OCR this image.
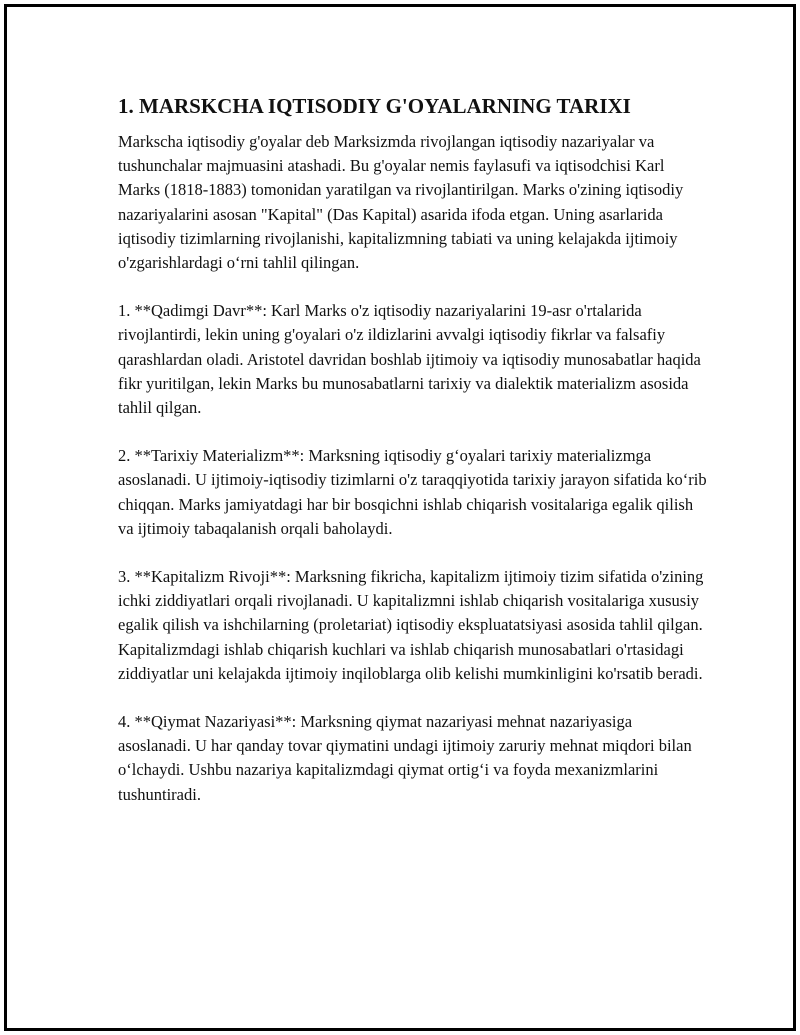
1. MARSKCHA IQTISODIY G'OYALARNING TARIXI

Markscha iqtisodiy g'oyalar deb Marksizmda rivojlangan iqtisodiy nazariyalar va tushunchalar majmuasini atashadi. Bu g'oyalar nemis faylasufi va iqtisodchisi Karl Marks (1818-1883) tomonidan yaratilgan va rivojlantirilgan. Marks o'zining iqtisodiy nazariyalarini asosan "Kapital" (Das Kapital) asarida ifoda etgan. Uning asarlarida iqtisodiy tizimlarning rivojlanishi, kapitalizmning tabiati va uning kelajakda ijtimoiy o'zgarishlardagi o‘rni tahlil qilingan.

1. **Qadimgi Davr**: Karl Marks o'z iqtisodiy nazariyalarini 19-asr o'rtalarida rivojlantirdi, lekin uning g'oyalari o'z ildizlarini avvalgi iqtisodiy fikrlar va falsafiy qarashlardan oladi. Aristotel davridan boshlab ijtimoiy va iqtisodiy munosabatlar haqida fikr yuritilgan, lekin Marks bu munosabatlarni tarixiy va dialektik materializm asosida tahlil qilgan.

2. **Tarixiy Materializm**: Marksning iqtisodiy g‘oyalari tarixiy materializmga asoslanadi. U ijtimoiy-iqtisodiy tizimlarni o'z taraqqiyotida tarixiy jarayon sifatida ko‘rib chiqqan. Marks jamiyatdagi har bir bosqichni ishlab chiqarish vositalariga egalik qilish va ijtimoiy tabaqalanish orqali baholaydi.

3. **Kapitalizm Rivoji**: Marksning fikricha, kapitalizm ijtimoiy tizim sifatida o'zining ichki ziddiyatlari orqali rivojlanadi. U kapitalizmni ishlab chiqarish vositalariga xususiy egalik qilish va ishchilarning (proletariat) iqtisodiy ekspluatatsiyasi asosida tahlil qilgan. Kapitalizmdagi ishlab chiqarish kuchlari va ishlab chiqarish munosabatlari o'rtasidagi ziddiyatlar uni kelajakda ijtimoiy inqiloblarga olib kelishi mumkinligini ko'rsatib beradi.

4. **Qiymat Nazariyasi**: Marksning qiymat nazariyasi mehnat nazariyasiga asoslanadi. U har qanday tovar qiymatini undagi ijtimoiy zaruriy mehnat miqdori bilan o‘lchaydi. Ushbu nazariya kapitalizmdagi qiymat ortig‘i va foyda mexanizmlarini tushuntiradi.
